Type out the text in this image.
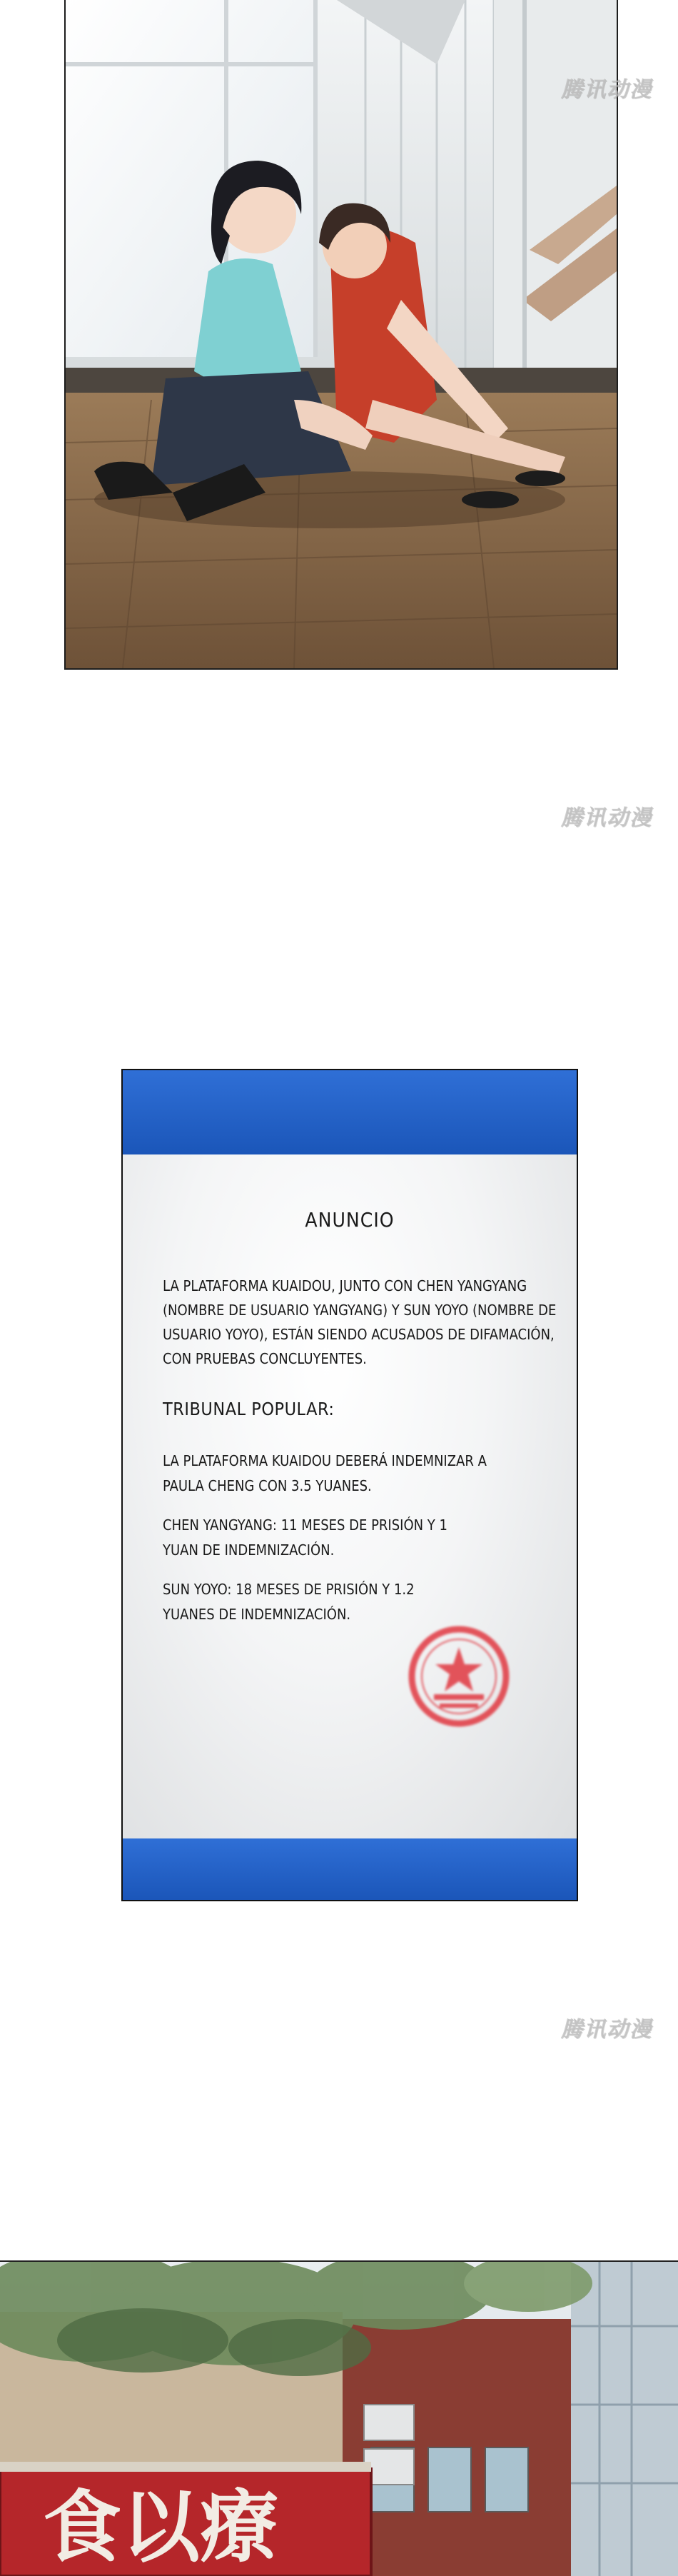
腾讯动漫
腾讯动漫
腾讯动漫
ANUNCIO
LA PLATAFORMA KUAIDOU, JUNTO CON CHEN YANGYANG
(NOMBRE DE USUARIO YANGYANG) Y SUN YOYO (NOMBRE DE
USUARIO YOYO), ESTÁN SIENDO ACUSADOS DE DIFAMACIÓN,
CON PRUEBAS CONCLUYENTES.
TRIBUNAL POPULAR:
LA PLATAFORMA KUAIDOU DEBERÁ INDEMNIZAR A
PAULA CHENG CON 3.5 YUANES.
CHEN YANGYANG: 11 MESES DE PRISIÓN Y 1
YUAN DE INDEMNIZACIÓN.
SUN YOYO: 18 MESES DE PRISIÓN Y 1.2
YUANES DE INDEMNIZACIÓN.
食以療
